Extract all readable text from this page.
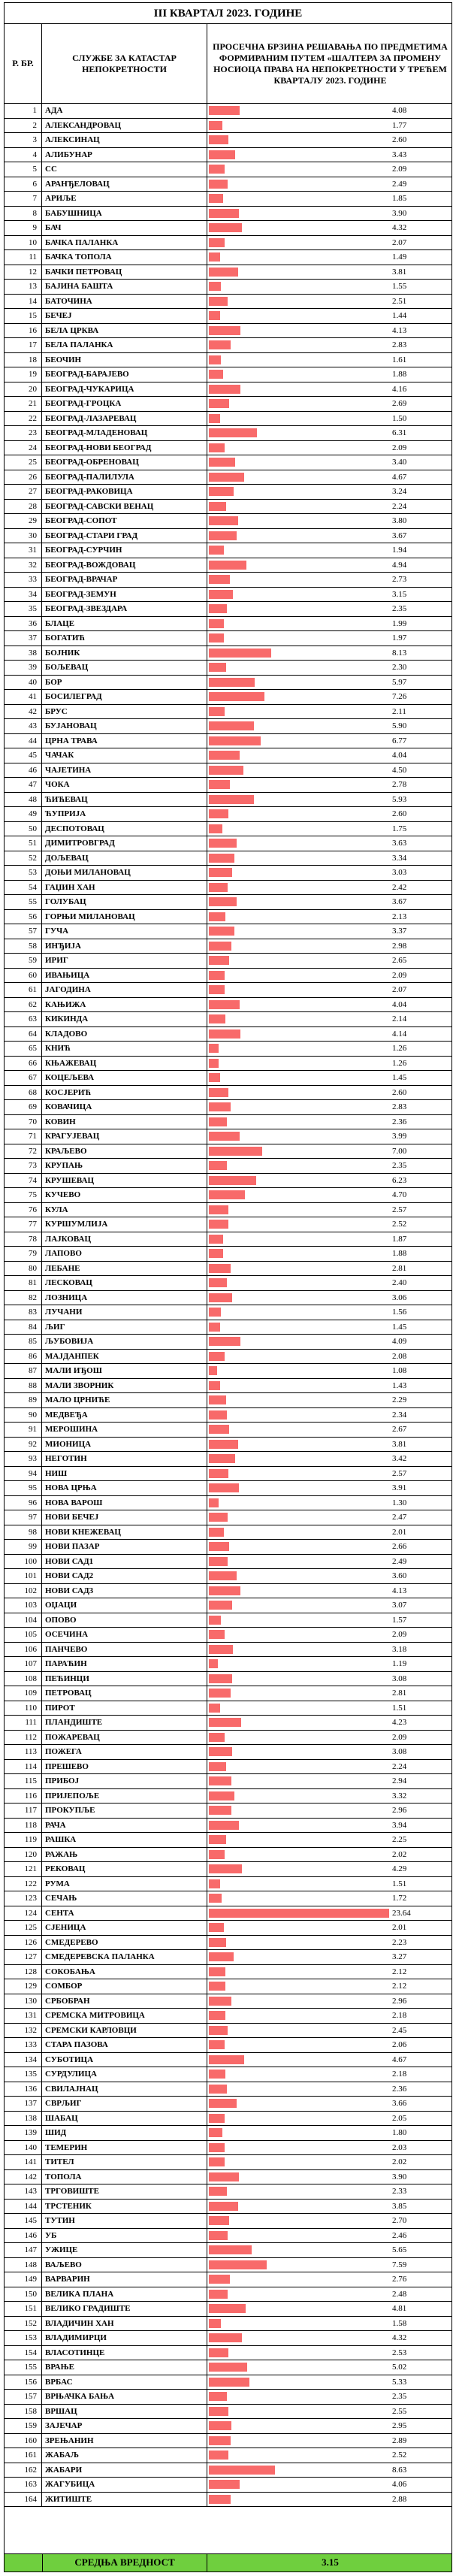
III КВАРТАЛ 2023. ГОДИНЕ
Р. БР.
СЛУЖБЕ ЗА КАТАСТАР НЕПОКРЕТНОСТИ
ПРОСЕЧНА БРЗИНА РЕШАВАЊА ПО ПРЕДМЕТИМА ФОРМИРАНИМ ПУТЕМ «ШАЛТЕРА ЗА ПРОМЕНУ НОСИОЦА ПРАВА НА НЕПОКРЕТНОСТИ У ТРЕЋЕМ КВАРТАЛУ 2023. ГОДИНЕ
1	АДА	4.08
2	АЛЕКСАНДРОВАЦ	1.77
3	АЛЕКСИНАЦ	2.60
4	АЛИБУНАР	3.43
5	СС	2.09
6	АРАНЂЕЛОВАЦ	2.49
7	АРИЉЕ	1.85
8	БАБУШНИЦА	3.90
9	БАЧ	4.32
10	БАЧКА ПАЛАНКА	2.07
11	БАЧКА ТОПОЛА	1.49
12	БАЧКИ ПЕТРОВАЦ	3.81
13	БАЈИНА БАШТА	1.55
14	БАТОЧИНА	2.51
15	БЕЧЕЈ	1.44
16	БЕЛА ЦРКВА	4.13
17	БЕЛА ПАЛАНКА	2.83
18	БЕОЧИН	1.61
19	БЕОГРАД-БАРАЈЕВО	1.88
20	БЕОГРАД-ЧУКАРИЦА	4.16
21	БЕОГРАД-ГРОЦКА	2.69
22	БЕОГРАД-ЛАЗАРЕВАЦ	1.50
23	БЕОГРАД-МЛАДЕНОВАЦ	6.31
24	БЕОГРАД-НОВИ БЕОГРАД	2.09
25	БЕОГРАД-ОБРЕНОВАЦ	3.40
26	БЕОГРАД-ПАЛИЛУЛА	4.67
27	БЕОГРАД-РАКОВИЦА	3.24
28	БЕОГРАД-САВСКИ ВЕНАЦ	2.24
29	БЕОГРАД-СОПОТ	3.80
30	БЕОГРАД-СТАРИ ГРАД	3.67
31	БЕОГРАД-СУРЧИН	1.94
32	БЕОГРАД-ВОЖДОВАЦ	4.94
33	БЕОГРАД-ВРАЧАР	2.73
34	БЕОГРАД-ЗЕМУН	3.15
35	БЕОГРАД-ЗВЕЗДАРА	2.35
36	БЛАЦЕ	1.99
37	БОГАТИЋ	1.97
38	БОЈНИК	8.13
39	БОЉЕВАЦ	2.30
40	БОР	5.97
41	БОСИЛЕГРАД	7.26
42	БРУС	2.11
43	БУЈАНОВАЦ	5.90
44	ЦРНА ТРАВА	6.77
45	ЧАЧАК	4.04
46	ЧАЈЕТИНА	4.50
47	ЧОКА	2.78
48	ЋИЋЕВАЦ	5.93
49	ЋУПРИЈА	2.60
50	ДЕСПОТОВАЦ	1.75
51	ДИМИТРОВГРАД	3.63
52	ДОЉЕВАЦ	3.34
53	ДОЊИ МИЛАНОВАЦ	3.03
54	ГАЏИН ХАН	2.42
55	ГОЛУБАЦ	3.67
56	ГОРЊИ МИЛАНОВАЦ	2.13
57	ГУЧА	3.37
58	ИНЂИЈА	2.98
59	ИРИГ	2.65
60	ИВАЊИЦА	2.09
61	ЈАГОДИНА	2.07
62	КАЊИЖА	4.04
63	КИКИНДА	2.14
64	КЛАДОВО	4.14
65	КНИЋ	1.26
66	КЊАЖЕВАЦ	1.26
67	КОЦЕЉЕВА	1.45
68	КОСЈЕРИЋ	2.60
69	КОВАЧИЦА	2.83
70	КОВИН	2.36
71	КРАГУЈЕВАЦ	3.99
72	КРАЉЕВО	7.00
73	КРУПАЊ	2.35
74	КРУШЕВАЦ	6.23
75	КУЧЕВО	4.70
76	КУЛА	2.57
77	КУРШУМЛИЈА	2.52
78	ЛАЈКОВАЦ	1.87
79	ЛАПОВО	1.88
80	ЛЕБАНЕ	2.81
81	ЛЕСКОВАЦ	2.40
82	ЛОЗНИЦА	3.06
83	ЛУЧАНИ	1.56
84	ЉИГ	1.45
85	ЉУБОВИЈА	4.09
86	МАЈДАНПЕК	2.08
87	МАЛИ ИЂОШ	1.08
88	МАЛИ ЗВОРНИК	1.43
89	МАЛО ЦРНИЋЕ	2.29
90	МЕДВЕЂА	2.34
91	МЕРОШИНА	2.67
92	МИОНИЦА	3.81
93	НЕГОТИН	3.42
94	НИШ	2.57
95	НОВА ЦРЊА	3.91
96	НОВА ВАРОШ	1.30
97	НОВИ БЕЧЕЈ	2.47
98	НОВИ КНЕЖЕВАЦ	2.01
99	НОВИ ПАЗАР	2.66
100	НОВИ САД1	2.49
101	НОВИ САД2	3.60
102	НОВИ САД3	4.13
103	ОЏАЦИ	3.07
104	ОПОВО	1.57
105	ОСЕЧИНА	2.09
106	ПАНЧЕВО	3.18
107	ПАРАЋИН	1.19
108	ПЕЋИНЦИ	3.08
109	ПЕТРОВАЦ	2.81
110	ПИРОТ	1.51
111	ПЛАНДИШТЕ	4.23
112	ПОЖАРЕВАЦ	2.09
113	ПОЖЕГА	3.08
114	ПРЕШЕВО	2.24
115	ПРИБОЈ	2.94
116	ПРИЈЕПОЉЕ	3.32
117	ПРОКУПЉЕ	2.96
118	РАЧА	3.94
119	РАШКА	2.25
120	РАЖАЊ	2.02
121	РЕКОВАЦ	4.29
122	РУМА	1.51
123	СЕЧАЊ	1.72
124	СЕНТА	23.64
125	СЈЕНИЦА	2.01
126	СМЕДЕРЕВО	2.23
127	СМЕДЕРЕВСКА ПАЛАНКА	3.27
128	СОКОБАЊА	2.12
129	СОМБОР	2.12
130	СРБОБРАН	2.96
131	СРЕМСКА МИТРОВИЦА	2.18
132	СРЕМСКИ КАРЛОВЦИ	2.45
133	СТАРА ПАЗОВА	2.06
134	СУБОТИЦА	4.67
135	СУРДУЛИЦА	2.18
136	СВИЛАЈНАЦ	2.36
137	СВРЉИГ	3.66
138	ШАБАЦ	2.05
139	ШИД	1.80
140	ТЕМЕРИН	2.03
141	ТИТЕЛ	2.02
142	ТОПОЛА	3.90
143	ТРГОВИШТЕ	2.33
144	ТРСТЕНИК	3.85
145	ТУТИН	2.70
146	УБ	2.46
147	УЖИЦЕ	5.65
148	ВАЉЕВО	7.59
149	ВАРВАРИН	2.76
150	ВЕЛИКА ПЛАНА	2.48
151	ВЕЛИКО ГРАДИШТЕ	4.81
152	ВЛАДИЧИН ХАН	1.58
153	ВЛАДИМИРЦИ	4.32
154	ВЛАСОТИНЦЕ	2.53
155	ВРАЊЕ	5.02
156	ВРБАС	5.33
157	ВРЊАЧКА БАЊА	2.35
158	ВРШАЦ	2.55
159	ЗАЈЕЧАР	2.95
160	ЗРЕЊАНИН	2.89
161	ЖАБАЉ	2.52
162	ЖАБАРИ	8.63
163	ЖАГУБИЦА	4.06
164	ЖИТИШТЕ	2.88
СРЕДЊА ВРЕДНОСТ	3.15
